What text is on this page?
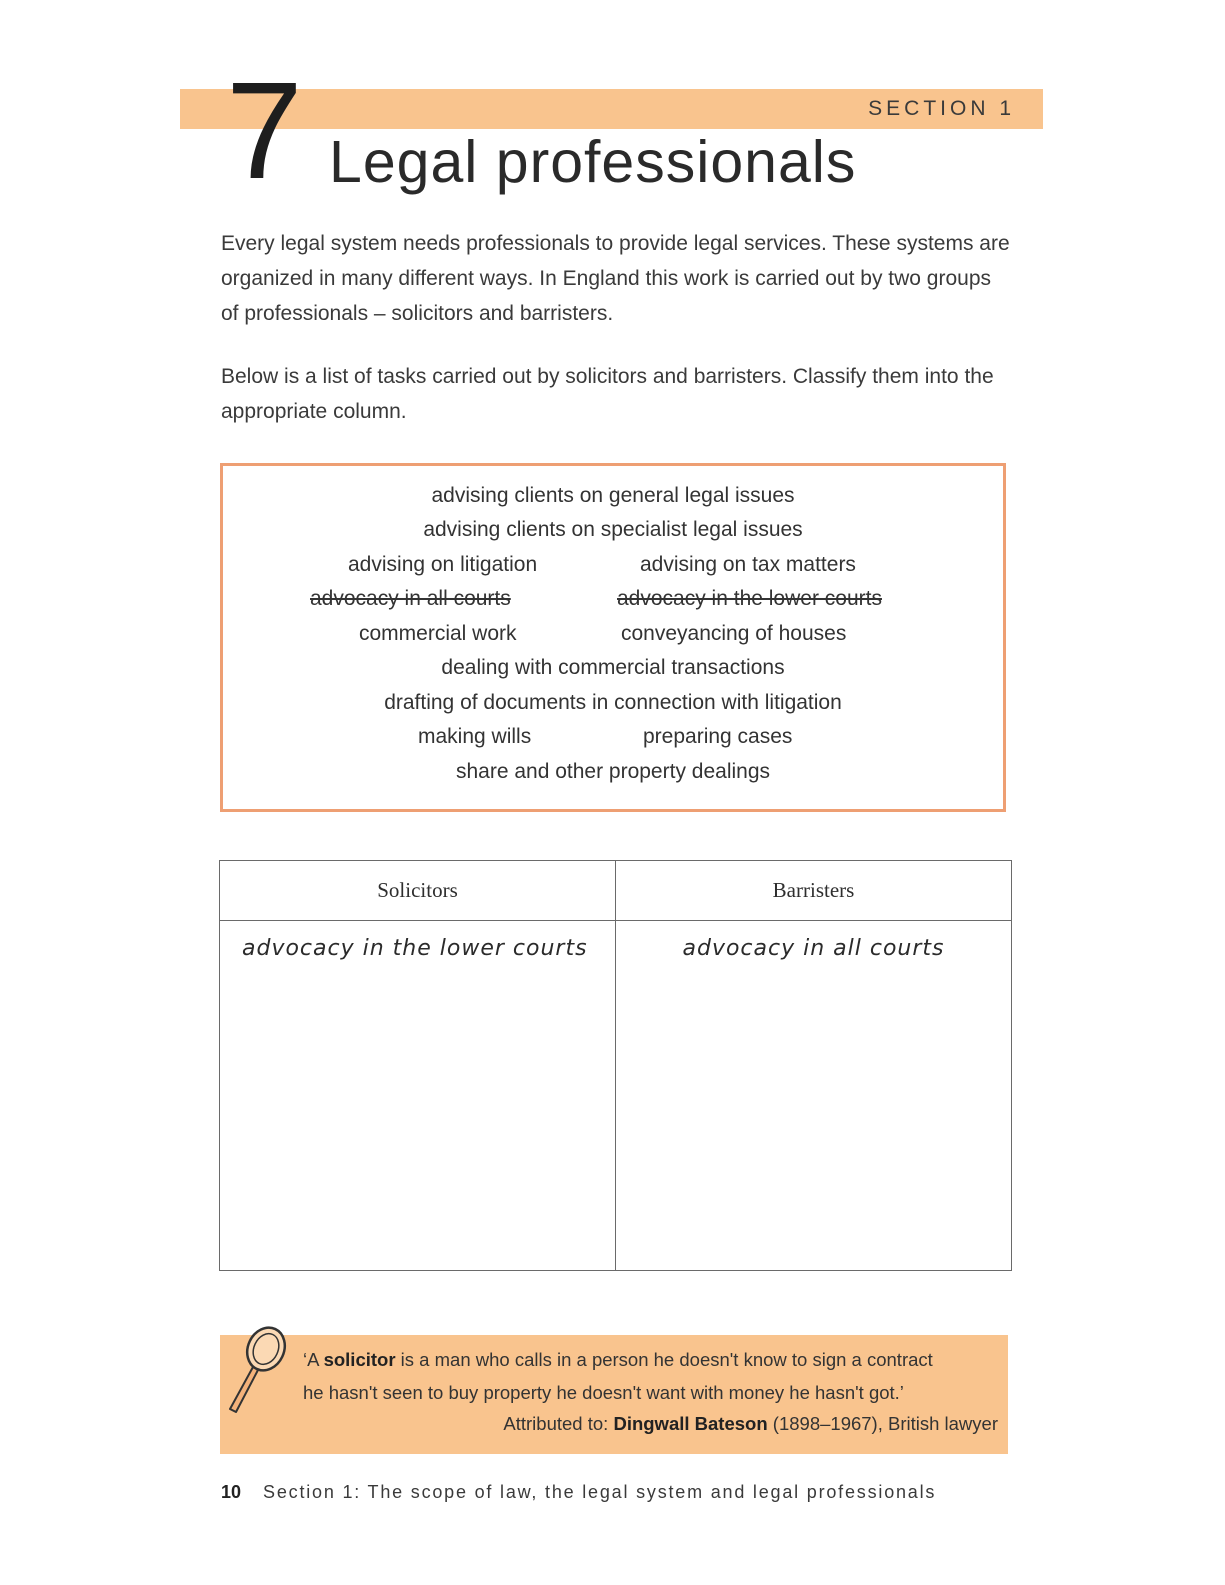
SECTION 1
7 Legal professionals

Every legal system needs professionals to provide legal services. These systems are organized in many different ways. In England this work is carried out by two groups of professionals – solicitors and barristers.

Below is a list of tasks carried out by solicitors and barristers. Classify them into the appropriate column.

advising clients on general legal issues
advising clients on specialist legal issues
advising on litigation	advising on tax matters
advocacy in all courts	advocacy in the lower courts
commercial work	conveyancing of houses
dealing with commercial transactions
drafting of documents in connection with litigation
making wills	preparing cases
share and other property dealings
Solicitors	Barristers
advocacy in the lower courts	advocacy in all courts
‘A solicitor is a man who calls in a person he doesn't know to sign a contract
he hasn't seen to buy property he doesn't want with money he hasn't got.’
Attributed to: Dingwall Bateson (1898–1967), British lawyer
10 Section 1: The scope of law, the legal system and legal professionals
